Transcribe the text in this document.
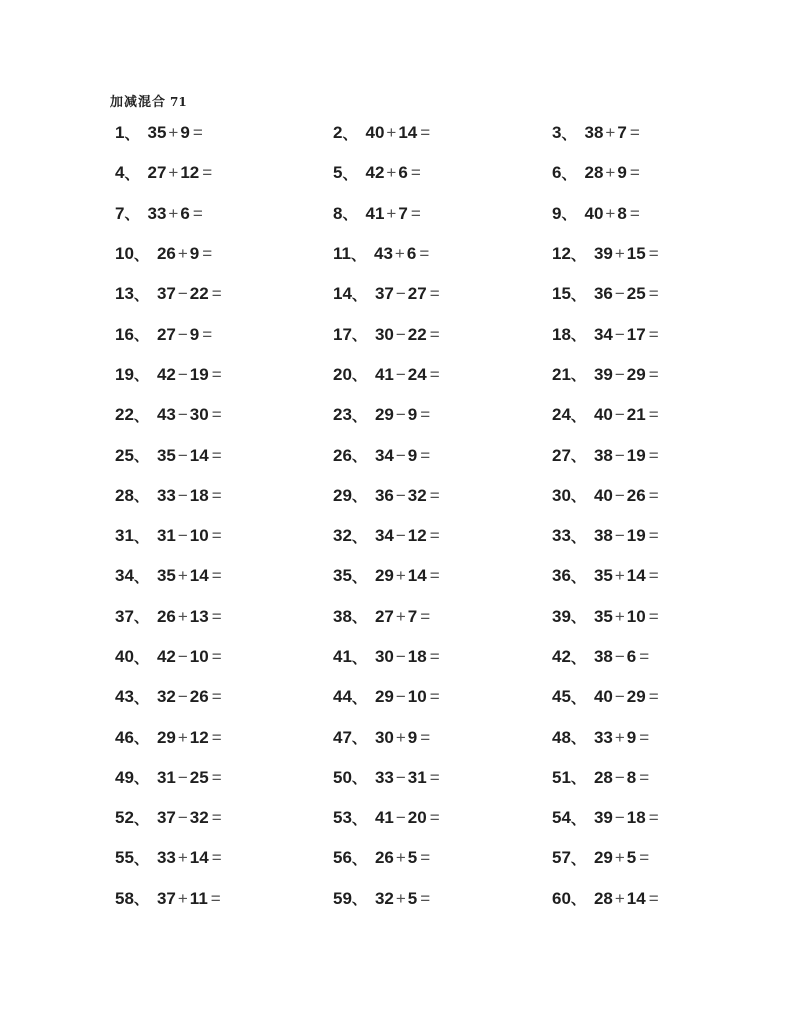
加减混合 71
1 、 35 + 9 =	2 、 40 + 14 =	3 、 38 + 7 =
4 、 27 + 12 =	5 、 42 + 6 =	6 、 28 + 9 =
7 、 33 + 6 =	8 、 41 + 7 =	9 、 40 + 8 =
10 、 26 + 9 =	11 、 43 + 6 =	12 、 39 + 15 =
13 、 37 − 22 =	14 、 37 − 27 =	15 、 36 − 25 =
16 、 27 − 9 =	17 、 30 − 22 =	18 、 34 − 17 =
19 、 42 − 19 =	20 、 41 − 24 =	21 、 39 − 29 =
22 、 43 − 30 =	23 、 29 − 9 =	24 、 40 − 21 =
25 、 35 − 14 =	26 、 34 − 9 =	27 、 38 − 19 =
28 、 33 − 18 =	29 、 36 − 32 =	30 、 40 − 26 =
31 、 31 − 10 =	32 、 34 − 12 =	33 、 38 − 19 =
34 、 35 + 14 =	35 、 29 + 14 =	36 、 35 + 14 =
37 、 26 + 13 =	38 、 27 + 7 =	39 、 35 + 10 =
40 、 42 − 10 =	41 、 30 − 18 =	42 、 38 − 6 =
43 、 32 − 26 =	44 、 29 − 10 =	45 、 40 − 29 =
46 、 29 + 12 =	47 、 30 + 9 =	48 、 33 + 9 =
49 、 31 − 25 =	50 、 33 − 31 =	51 、 28 − 8 =
52 、 37 − 32 =	53 、 41 − 20 =	54 、 39 − 18 =
55 、 33 + 14 =	56 、 26 + 5 =	57 、 29 + 5 =
58 、 37 + 11 =	59 、 32 + 5 =	60 、 28 + 14 =
